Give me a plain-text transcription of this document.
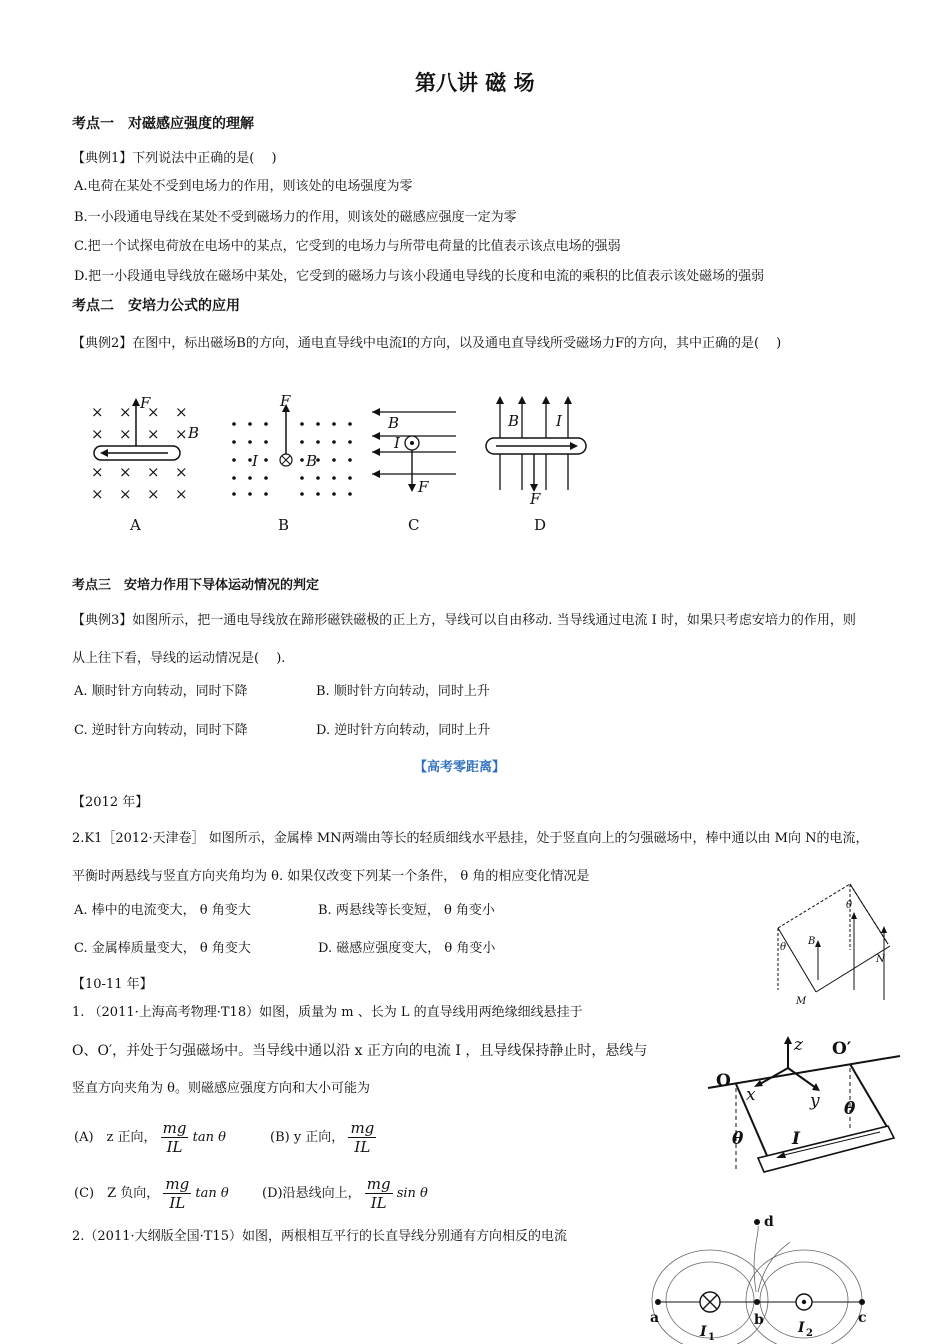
第八讲 磁 场
考点一　对磁感应强度的理解
【典例1】下列说法中正确的是(　 )
A.电荷在某处不受到电场力的作用，则该处的电场强度为零
B.一小段通电导线在某处不受到磁场力的作用，则该处的磁感应强度一定为零
C.把一个试探电荷放在电场中的某点，它受到的电场力与所带电荷量的比值表示该点电场的强弱
D.把一小段通电导线放在磁场中某处，它受到的磁场力与该小段通电导线的长度和电流的乘积的比值表示该处磁场的强弱
考点二　安培力公式的应用
【典例2】在图中，标出磁场B的方向，通电直导线中电流I的方向，以及通电直导线所受磁场力F的方向，其中正确的是(　 )
× × × ×
× × × ×
× × × ×
× × × ×
F
B
A
F
I	B
B
B
I
F
C
B I
F
D
考点三　安培力作用下导体运动情况的判定
【典例3】如图所示，把一通电导线放在蹄形磁铁磁极的正上方，导线可以自由移动. 当导线通过电流 I 时，如果只考虑安培力的作用，则
从上往下看，导线的运动情况是(　 ).
A. 顺时针方向转动，同时下降	B. 顺时针方向转动，同时上升
C. 逆时针方向转动，同时下降	D. 逆时针方向转动，同时上升
【高考零距离】
【2012 年】
2.K1［2012·天津卷］ 如图所示，金属棒 MN两端由等长的轻质细线水平悬挂，处于竖直向上的匀强磁场中，棒中通以由 M向 N的电流，
平衡时两悬线与竖直方向夹角均为 θ. 如果仅改变下列某一个条件， θ 角的相应变化情况是
A. 棒中的电流变大， θ 角变大	B. 两悬线等长变短， θ 角变小
C. 金属棒质量变大， θ 角变大	D. 磁感应强度变大， θ 角变小	θ
θ
B
M
N
【10-11 年】
1. （2011·上海高考物理·T18）如图，质量为 m 、长为 L 的直导线用两绝缘细线悬挂于
O、O′，并处于匀强磁场中。当导线中通以沿 x 正方向的电流 I ，且导线保持静止时，悬线与
竖直方向夹角为 θ。则磁感应强度方向和大小可能为
(A)　z 正向， $\frac{mg}{IL}$ tan θ	(B) y 正向， $\frac{mg}{IL}$
(C)　Z 负向， $\frac{mg}{IL}$ tan θ	(D)沿悬线向上， $\frac{mg}{IL}$ sin θ
z
O
O′
x	y
θ
θ
I
2.（2011·大纲版全国·T15）如图，两根相互平行的长直导线分别通有方向相反的电流
a	b	c
d
I 1
I 2
